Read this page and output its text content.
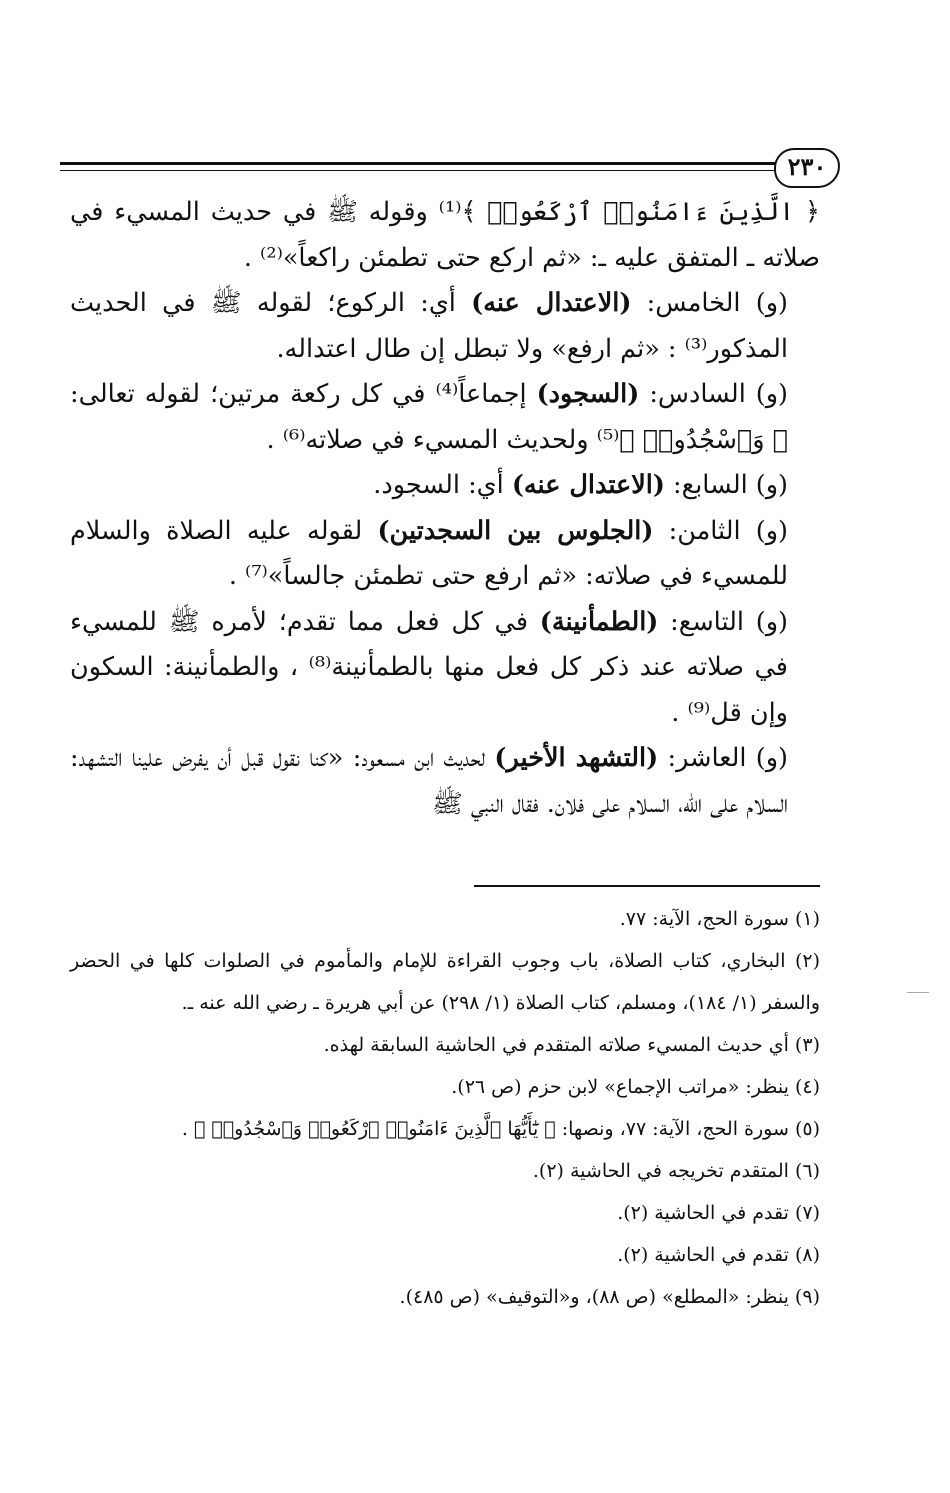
٢٣٠

﴿ الَّذِينَ ءَامَنُوا۟ ٱرْكَعُوا۟ ﴾⁽¹⁾ وقوله ﷺ في حديث المسيء في صلاته ـ المتفق عليه ـ: «ثم اركع حتى تطمئن راكعاً»⁽²⁾ .

(و) الخامس: (الاعتدال عنه) أي: الركوع؛ لقوله ﷺ في الحديث المذكور⁽³⁾ : «ثم ارفع» ولا تبطل إن طال اعتداله.

(و) السادس: (السجود) إجماعاً⁽⁴⁾ في كل ركعة مرتين؛ لقوله تعالى: ﴿ وَٱسْجُدُوا۟ ﴾⁽⁵⁾ ولحديث المسيء في صلاته⁽⁶⁾ .

(و) السابع: (الاعتدال عنه) أي: السجود.

(و) الثامن: (الجلوس بين السجدتين) لقوله عليه الصلاة والسلام للمسيء في صلاته: «ثم ارفع حتى تطمئن جالساً»⁽⁷⁾ .

(و) التاسع: (الطمأنينة) في كل فعل مما تقدم؛ لأمره ﷺ للمسيء في صلاته عند ذكر كل فعل منها بالطمأنينة⁽⁸⁾ ، والطمأنينة: السكون وإن قل⁽⁹⁾ .

(و) العاشر: (التشهد الأخير) لحديث ابن مسعود: «كنا نقول قبل أن يفرض علينا التشهد: السلام على الله، السلام على فلان. فقال النبي ﷺ

(١) سورة الحج، الآية: ٧٧.

(٢) البخاري، كتاب الصلاة، باب وجوب القراءة للإمام والمأموم في الصلوات كلها في الحضر والسفر (١/ ١٨٤)، ومسلم، كتاب الصلاة (١/ ٢٩٨) عن أبي هريرة ـ رضي الله عنه ـ.

(٣) أي حديث المسيء صلاته المتقدم في الحاشية السابقة لهذه.

(٤) ينظر: «مراتب الإجماع» لابن حزم (ص ٢٦).

(٥) سورة الحج، الآية: ٧٧، ونصها: ﴿ يَٰٓأَيُّهَا ٱلَّذِينَ ءَامَنُوا۟ ٱرْكَعُوا۟ وَٱسْجُدُوا۟ ﴾ .

(٦) المتقدم تخريجه في الحاشية (٢).

(٧) تقدم في الحاشية (٢).

(٨) تقدم في الحاشية (٢).

(٩) ينظر: «المطلع» (ص ٨٨)، و«التوقيف» (ص ٤٨٥).
